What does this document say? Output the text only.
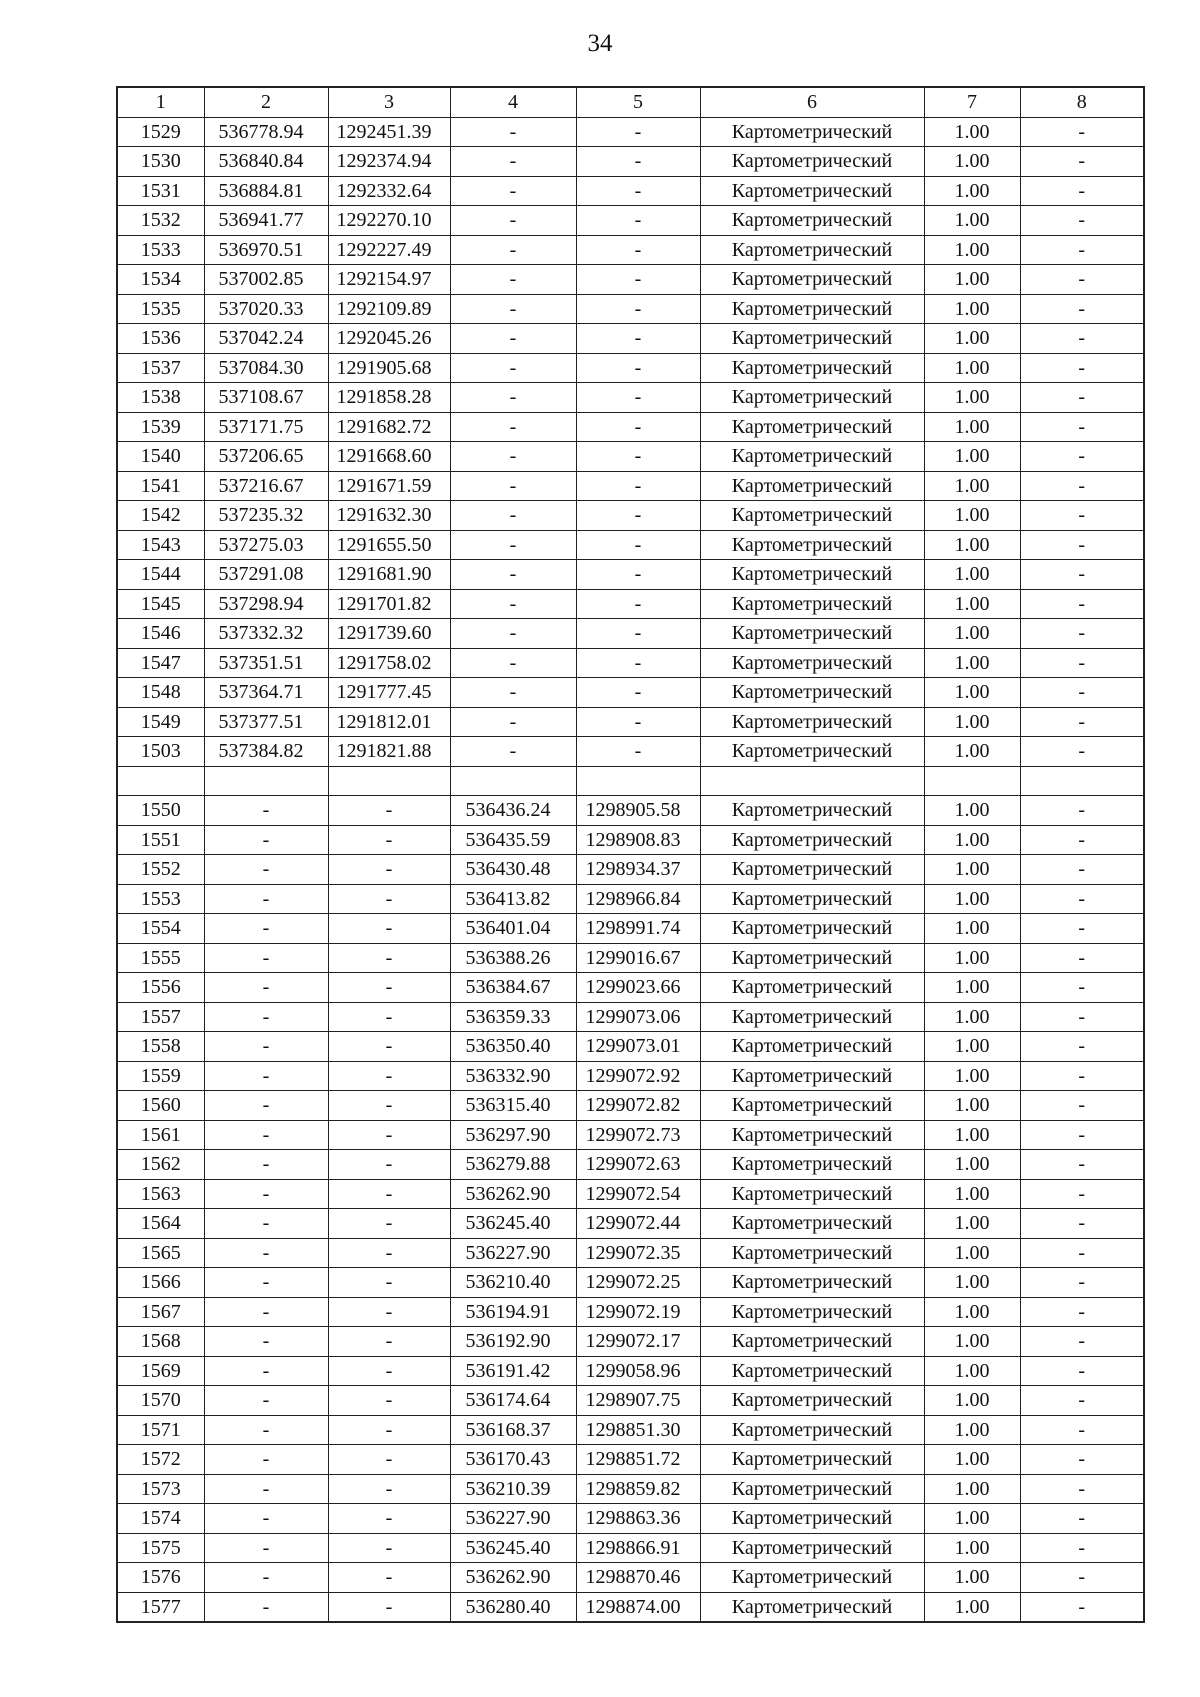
34
1	2	3	4	5	6	7	8
1529	536778.94	1292451.39	-	-	Картометрический	1.00	-
1530	536840.84	1292374.94	-	-	Картометрический	1.00	-
1531	536884.81	1292332.64	-	-	Картометрический	1.00	-
1532	536941.77	1292270.10	-	-	Картометрический	1.00	-
1533	536970.51	1292227.49	-	-	Картометрический	1.00	-
1534	537002.85	1292154.97	-	-	Картометрический	1.00	-
1535	537020.33	1292109.89	-	-	Картометрический	1.00	-
1536	537042.24	1292045.26	-	-	Картометрический	1.00	-
1537	537084.30	1291905.68	-	-	Картометрический	1.00	-
1538	537108.67	1291858.28	-	-	Картометрический	1.00	-
1539	537171.75	1291682.72	-	-	Картометрический	1.00	-
1540	537206.65	1291668.60	-	-	Картометрический	1.00	-
1541	537216.67	1291671.59	-	-	Картометрический	1.00	-
1542	537235.32	1291632.30	-	-	Картометрический	1.00	-
1543	537275.03	1291655.50	-	-	Картометрический	1.00	-
1544	537291.08	1291681.90	-	-	Картометрический	1.00	-
1545	537298.94	1291701.82	-	-	Картометрический	1.00	-
1546	537332.32	1291739.60	-	-	Картометрический	1.00	-
1547	537351.51	1291758.02	-	-	Картометрический	1.00	-
1548	537364.71	1291777.45	-	-	Картометрический	1.00	-
1549	537377.51	1291812.01	-	-	Картометрический	1.00	-
1503	537384.82	1291821.88	-	-	Картометрический	1.00	-

1550	-	-	536436.24	1298905.58	Картометрический	1.00	-
1551	-	-	536435.59	1298908.83	Картометрический	1.00	-
1552	-	-	536430.48	1298934.37	Картометрический	1.00	-
1553	-	-	536413.82	1298966.84	Картометрический	1.00	-
1554	-	-	536401.04	1298991.74	Картометрический	1.00	-
1555	-	-	536388.26	1299016.67	Картометрический	1.00	-
1556	-	-	536384.67	1299023.66	Картометрический	1.00	-
1557	-	-	536359.33	1299073.06	Картометрический	1.00	-
1558	-	-	536350.40	1299073.01	Картометрический	1.00	-
1559	-	-	536332.90	1299072.92	Картометрический	1.00	-
1560	-	-	536315.40	1299072.82	Картометрический	1.00	-
1561	-	-	536297.90	1299072.73	Картометрический	1.00	-
1562	-	-	536279.88	1299072.63	Картометрический	1.00	-
1563	-	-	536262.90	1299072.54	Картометрический	1.00	-
1564	-	-	536245.40	1299072.44	Картометрический	1.00	-
1565	-	-	536227.90	1299072.35	Картометрический	1.00	-
1566	-	-	536210.40	1299072.25	Картометрический	1.00	-
1567	-	-	536194.91	1299072.19	Картометрический	1.00	-
1568	-	-	536192.90	1299072.17	Картометрический	1.00	-
1569	-	-	536191.42	1299058.96	Картометрический	1.00	-
1570	-	-	536174.64	1298907.75	Картометрический	1.00	-
1571	-	-	536168.37	1298851.30	Картометрический	1.00	-
1572	-	-	536170.43	1298851.72	Картометрический	1.00	-
1573	-	-	536210.39	1298859.82	Картометрический	1.00	-
1574	-	-	536227.90	1298863.36	Картометрический	1.00	-
1575	-	-	536245.40	1298866.91	Картометрический	1.00	-
1576	-	-	536262.90	1298870.46	Картометрический	1.00	-
1577	-	-	536280.40	1298874.00	Картометрический	1.00	-
